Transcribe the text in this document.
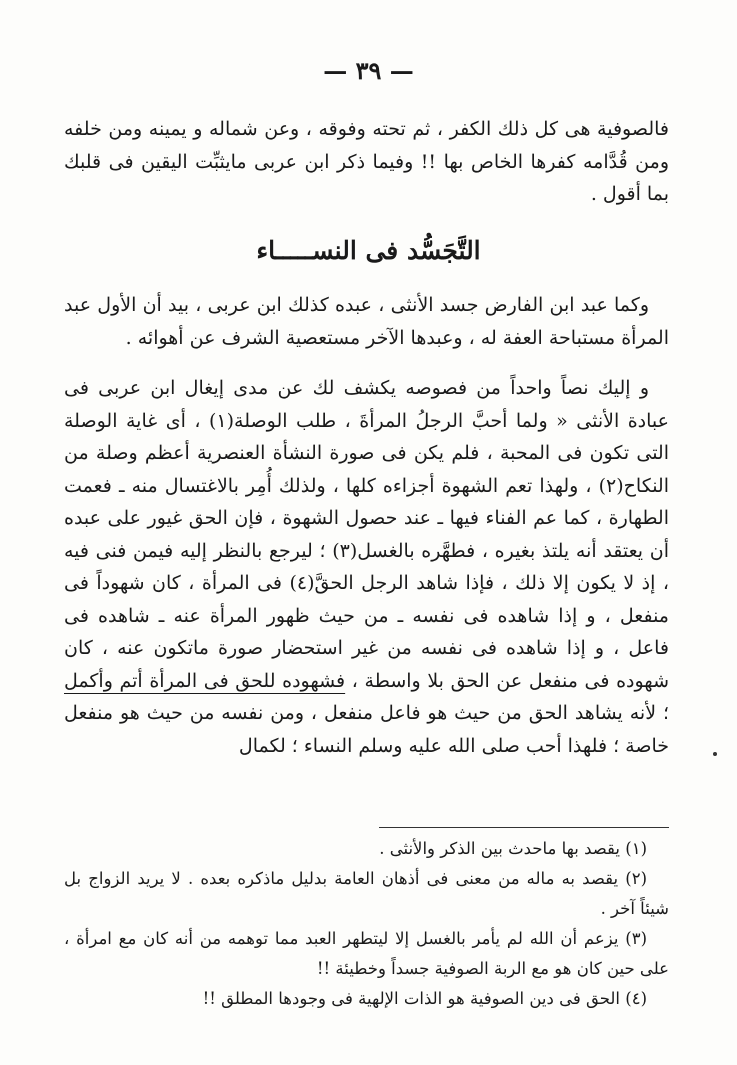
— ٣٩ —

فالصوفية هى كل ذلك الكفر ، ثم تحته وفوقه ، وعن شماله و يمينه ومن خلفه ومن قُدَّامه كفرها الخاص بها !! وفيما ذكر ابن عربى مايثبِّت اليقين فى قلبك بما أقول .

التَّجَسُّد فى النســـــاء

وكما عبد ابن الفارض جسد الأنثى ، عبده كذلك ابن عربى ، بيد أن الأول عبد المرأة مستباحة العفة له ، وعبدها الآخر مستعصية الشرف عن أهوائه .

و إليك نصاً واحداً من فصوصه يكشف لك عن مدى إيغال ابن عربى فى عبادة الأنثى « ولما أحبَّ الرجلُ المرأةَ ، طلب الوصلة(١) ، أى غاية الوصلة التى تكون فى المحبة ، فلم يكن فى صورة النشأة العنصرية أعظم وصلة من النكاح(٢) ، ولهذا تعم الشهوة أجزاءه كلها ، ولذلك أُمِر بالاغتسال منه ـ فعمت الطهارة ، كما عم الفناء فيها ـ عند حصول الشهوة ، فإن الحق غيور على عبده أن يعتقد أنه يلتذ بغيره ، فطهَّره بالغسل(٣) ؛ ليرجع بالنظر إليه فيمن فنى فيه ، إذ لا يكون إلا ذلك ، فإذا شاهد الرجل الحقَّ(٤) فى المرأة ، كان شهوداً فى منفعل ، و إذا شاهده فى نفسه ـ من حيث ظهور المرأة عنه ـ شاهده فى فاعل ، و إذا شاهده فى نفسه من غير استحضار صورة ماتكون عنه ، كان شهوده فى منفعل عن الحق بلا واسطة ، فشهوده للحق فى المرأة أتم وأكمل ؛ لأنه يشاهد الحق من حيث هو فاعل منفعل ، ومن نفسه من حيث هو منفعل خاصة ؛ فلهذا أحب صلى الله عليه وسلم النساء ؛ لكمال

(١) يقصد بها ماحدث بين الذكر والأنثى .

(٢) يقصد به ماله من معنى فى أذهان العامة بدليل ماذكره بعده . لا يريد الزواج بل شيئاً آخر .

(٣) يزعم أن الله لم يأمر بالغسل إلا ليتطهر العبد مما توهمه من أنه كان مع امرأة ، على حين كان هو مع الربة الصوفية جسداً وخطيئة !!

(٤) الحق فى دين الصوفية هو الذات الإلهية فى وجودها المطلق !!
